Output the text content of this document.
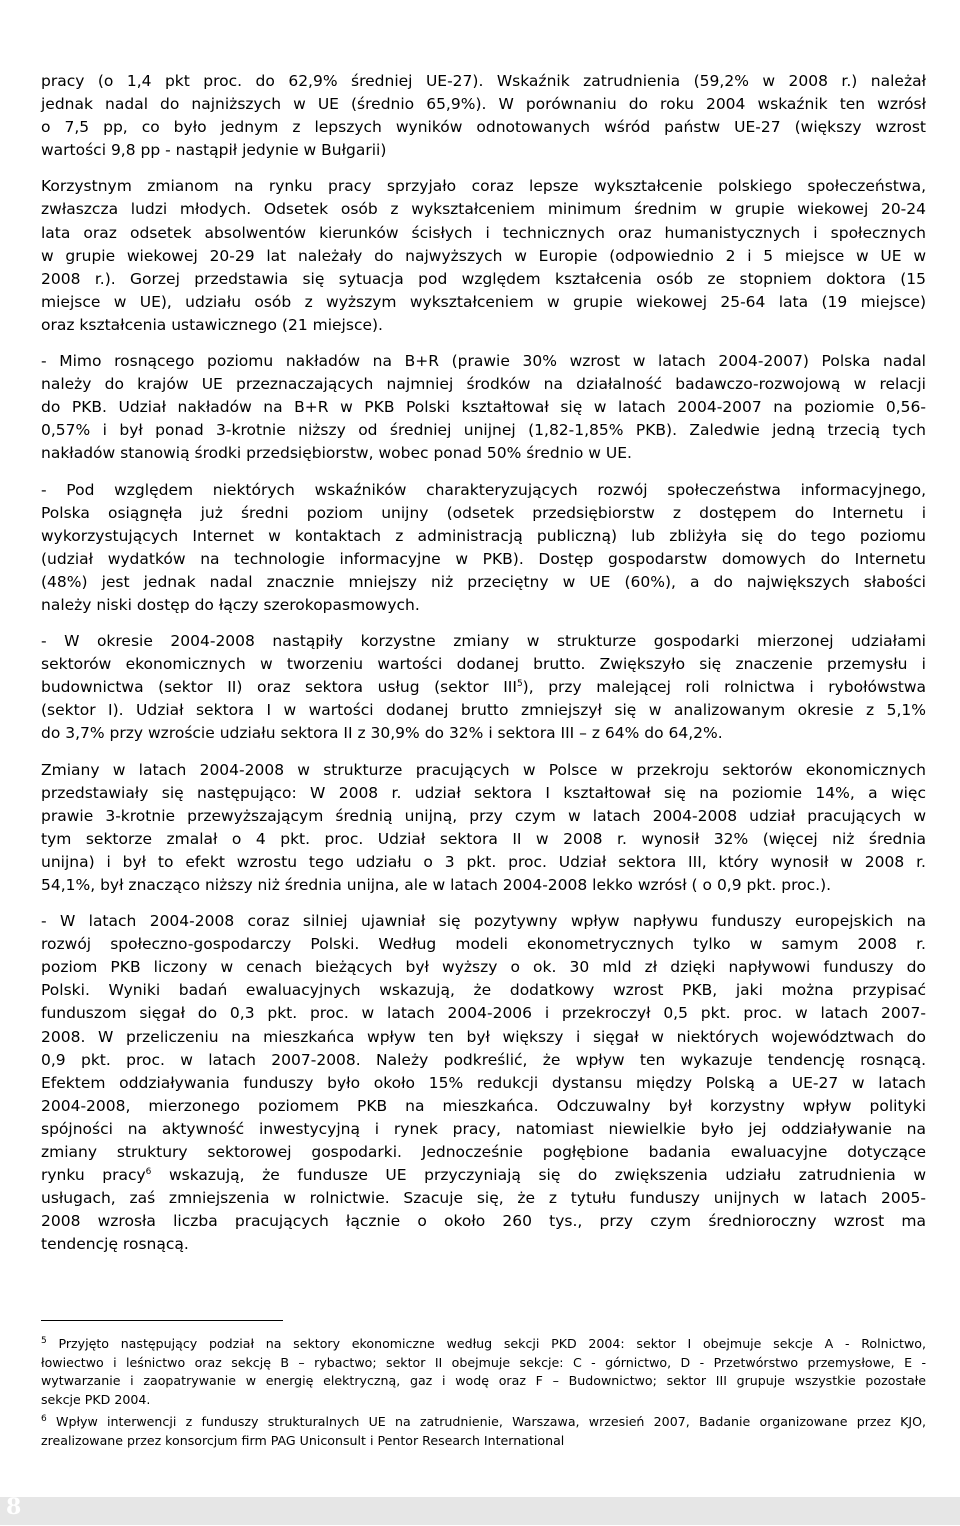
pracy (o 1,4 pkt proc. do 62,9% średniej UE-27). Wskaźnik zatrudnienia (59,2% w 2008 r.) należał
jednak nadal do najniższych w UE (średnio 65,9%). W porównaniu do roku 2004 wskaźnik ten wzrósł
o 7,5 pp, co było jednym z lepszych wyników odnotowanych wśród państw UE-27 (większy wzrost
wartości 9,8 pp - nastąpił jedynie w Bułgarii)
Korzystnym zmianom na rynku pracy sprzyjało coraz lepsze wykształcenie polskiego społeczeństwa,
zwłaszcza ludzi młodych. Odsetek osób z wykształceniem minimum średnim w grupie wiekowej 20-24
lata oraz odsetek absolwentów kierunków ścisłych i technicznych oraz humanistycznych i społecznych
w grupie wiekowej 20-29 lat należały do najwyższych w Europie (odpowiednio 2 i 5 miejsce w UE w
2008 r.). Gorzej przedstawia się sytuacja pod względem kształcenia osób ze stopniem doktora (15
miejsce w UE), udziału osób z wyższym wykształceniem w grupie wiekowej 25-64 lata (19 miejsce)
oraz kształcenia ustawicznego (21 miejsce).
- Mimo rosnącego poziomu nakładów na B+R (prawie 30% wzrost w latach 2004-2007) Polska nadal
należy do krajów UE przeznaczających najmniej środków na działalność badawczo-rozwojową w relacji
do PKB. Udział nakładów na B+R w PKB Polski kształtował się w latach 2004-2007 na poziomie 0,56-
0,57% i był ponad 3-krotnie niższy od średniej unijnej (1,82-1,85% PKB). Zaledwie jedną trzecią tych
nakładów stanowią środki przedsiębiorstw, wobec ponad 50% średnio w UE.
- Pod względem niektórych wskaźników charakteryzujących rozwój społeczeństwa informacyjnego,
Polska osiągnęła już średni poziom unijny (odsetek przedsiębiorstw z dostępem do Internetu i
wykorzystujących Internet w kontaktach z administracją publiczną) lub zbliżyła się do tego poziomu
(udział wydatków na technologie informacyjne w PKB). Dostęp gospodarstw domowych do Internetu
(48%) jest jednak nadal znacznie mniejszy niż przeciętny w UE (60%), a do największych słabości
należy niski dostęp do łączy szerokopasmowych.
- W okresie 2004-2008 nastąpiły korzystne zmiany w strukturze gospodarki mierzonej udziałami
sektorów ekonomicznych w tworzeniu wartości dodanej brutto. Zwiększyło się znaczenie przemysłu i
budownictwa (sektor II) oraz sektora usług (sektor III$^5$), przy malejącej roli rolnictwa i rybołówstwa
(sektor I). Udział sektora I w wartości dodanej brutto zmniejszył się w analizowanym okresie z 5,1%
do 3,7% przy wzroście udziału sektora II z 30,9% do 32% i sektora III – z 64% do 64,2%.
Zmiany w latach 2004-2008 w strukturze pracujących w Polsce w przekroju sektorów ekonomicznych
przedstawiały się następująco: W 2008 r. udział sektora I kształtował się na poziomie 14%, a więc
prawie 3-krotnie przewyższającym średnią unijną, przy czym w latach 2004-2008 udział pracujących w
tym sektorze zmalał o 4 pkt. proc. Udział sektora II w 2008 r. wynosił 32% (więcej niż średnia
unijna) i był to efekt wzrostu tego udziału o 3 pkt. proc. Udział sektora III, który wynosił w 2008 r.
54,1%, był znacząco niższy niż średnia unijna, ale w latach 2004-2008 lekko wzrósł ( o 0,9 pkt. proc.).
- W latach 2004-2008 coraz silniej ujawniał się pozytywny wpływ napływu funduszy europejskich na
rozwój społeczno-gospodarczy Polski. Według modeli ekonometrycznych tylko w samym 2008 r.
poziom PKB liczony w cenach bieżących był wyższy o ok. 30 mld zł dzięki napływowi funduszy do
Polski. Wyniki badań ewaluacyjnych wskazują, że dodatkowy wzrost PKB, jaki można przypisać
funduszom sięgał do 0,3 pkt. proc. w latach 2004-2006 i przekroczył 0,5 pkt. proc. w latach 2007-
2008. W przeliczeniu na mieszkańca wpływ ten był większy i sięgał w niektórych województwach do
0,9 pkt. proc. w latach 2007-2008. Należy podkreślić, że wpływ ten wykazuje tendencję rosnącą.
Efektem oddziaływania funduszy było około 15% redukcji dystansu między Polską a UE-27 w latach
2004-2008, mierzonego poziomem PKB na mieszkańca. Odczuwalny był korzystny wpływ polityki
spójności na aktywność inwestycyjną i rynek pracy, natomiast niewielkie było jej oddziaływanie na
zmiany struktury sektorowej gospodarki. Jednocześnie pogłębione badania ewaluacyjne dotyczące
rynku pracy$^6$ wskazują, że fundusze UE przyczyniają się do zwiększenia udziału zatrudnienia w
usługach, zaś zmniejszenia w rolnictwie. Szacuje się, że z tytułu funduszy unijnych w latach 2005-
2008 wzrosła liczba pracujących łącznie o około 260 tys., przy czym średnioroczny wzrost ma
tendencję rosnącą.
$^5$ Przyjęto następujący podział na sektory ekonomiczne według sekcji PKD 2004: sektor I obejmuje sekcje A - Rolnictwo,
łowiectwo i leśnictwo oraz sekcję B – rybactwo; sektor II obejmuje sekcje: C - górnictwo, D - Przetwórstwo przemysłowe, E -
wytwarzanie i zaopatrywanie w energię elektryczną, gaz i wodę oraz F – Budownictwo; sektor III grupuje wszystkie pozostałe
sekcje PKD 2004.
$^6$ Wpływ interwencji z funduszy strukturalnych UE na zatrudnienie, Warszawa, wrzesień 2007, Badanie organizowane przez KJO,
zrealizowane przez konsorcjum firm PAG Uniconsult i Pentor Research International
8
